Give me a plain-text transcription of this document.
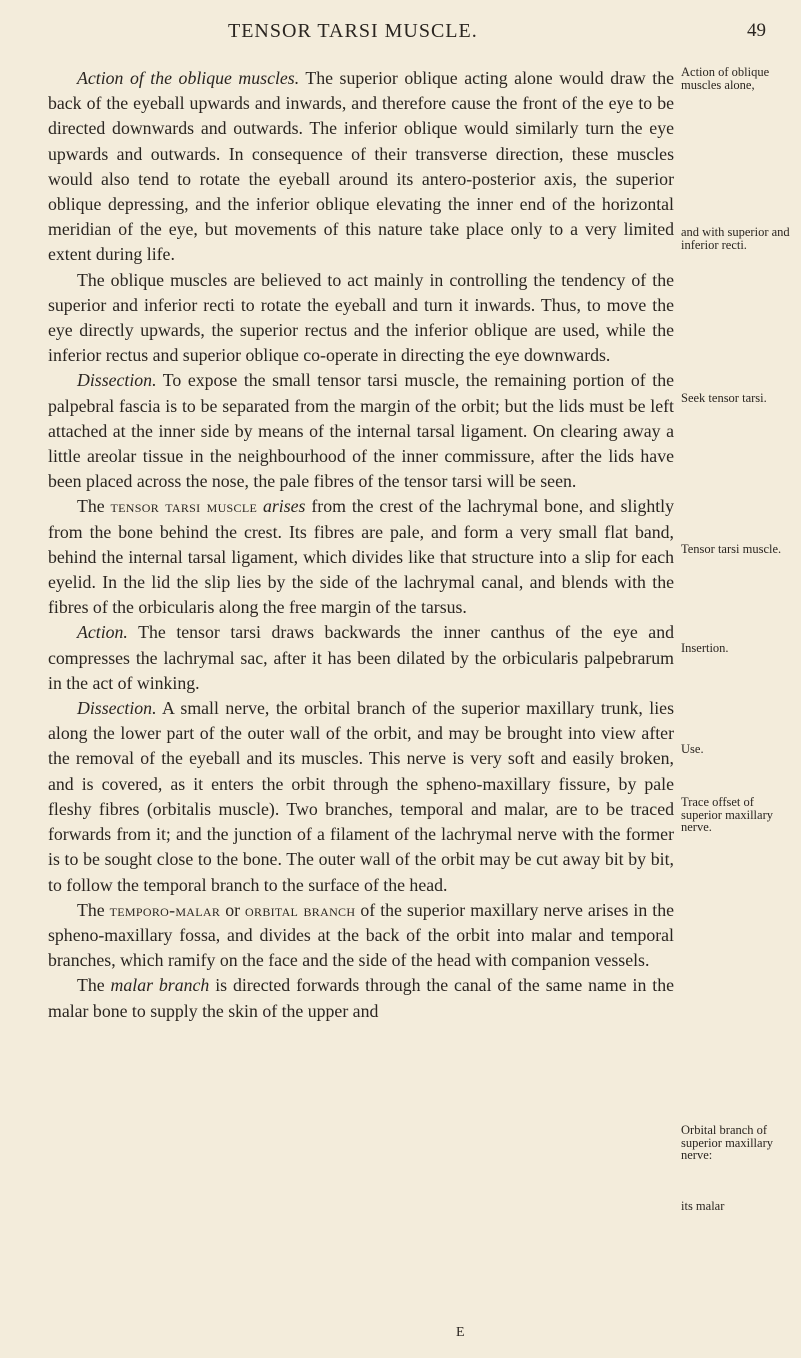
TENSOR TARSI MUSCLE.	49

Action of the oblique muscles. The superior oblique acting alone would draw the back of the eyeball upwards and inwards, and therefore cause the front of the eye to be directed downwards and outwards. The inferior oblique would similarly turn the eye upwards and outwards. In consequence of their transverse direction, these muscles would also tend to rotate the eyeball around its antero-posterior axis, the superior oblique depressing, and the inferior oblique elevating the inner end of the horizontal meridian of the eye, but movements of this nature take place only to a very limited extent during life.

The oblique muscles are believed to act mainly in controlling the tendency of the superior and inferior recti to rotate the eyeball and turn it inwards. Thus, to move the eye directly upwards, the superior rectus and the inferior oblique are used, while the inferior rectus and superior oblique co-operate in directing the eye downwards.

Dissection. To expose the small tensor tarsi muscle, the remaining portion of the palpebral fascia is to be separated from the margin of the orbit; but the lids must be left attached at the inner side by means of the internal tarsal ligament. On clearing away a little areolar tissue in the neighbourhood of the inner commissure, after the lids have been placed across the nose, the pale fibres of the tensor tarsi will be seen.

The tensor tarsi muscle arises from the crest of the lachrymal bone, and slightly from the bone behind the crest. Its fibres are pale, and form a very small flat band, behind the internal tarsal ligament, which divides like that structure into a slip for each eyelid. In the lid the slip lies by the side of the lachrymal canal, and blends with the fibres of the orbicularis along the free margin of the tarsus.

Action. The tensor tarsi draws backwards the inner canthus of the eye and compresses the lachrymal sac, after it has been dilated by the orbicularis palpebrarum in the act of winking.

Dissection. A small nerve, the orbital branch of the superior maxillary trunk, lies along the lower part of the outer wall of the orbit, and may be brought into view after the removal of the eyeball and its muscles. This nerve is very soft and easily broken, and is covered, as it enters the orbit through the spheno-maxillary fissure, by pale fleshy fibres (orbitalis muscle). Two branches, temporal and malar, are to be traced forwards from it; and the junction of a filament of the lachrymal nerve with the former is to be sought close to the bone. The outer wall of the orbit may be cut away bit by bit, to follow the temporal branch to the surface of the head.

The temporo-malar or orbital branch of the superior maxillary nerve arises in the spheno-maxillary fossa, and divides at the back of the orbit into malar and temporal branches, which ramify on the face and the side of the head with companion vessels.

The malar branch is directed forwards through the canal of the same name in the malar bone to supply the skin of the upper and

Action of oblique muscles alone,
and with superior and inferior recti.
Seek tensor tarsi.
Tensor tarsi muscle.
Insertion.
Use.
Trace offset of superior maxillary nerve.
Orbital branch of superior maxillary nerve:
its malar
E
